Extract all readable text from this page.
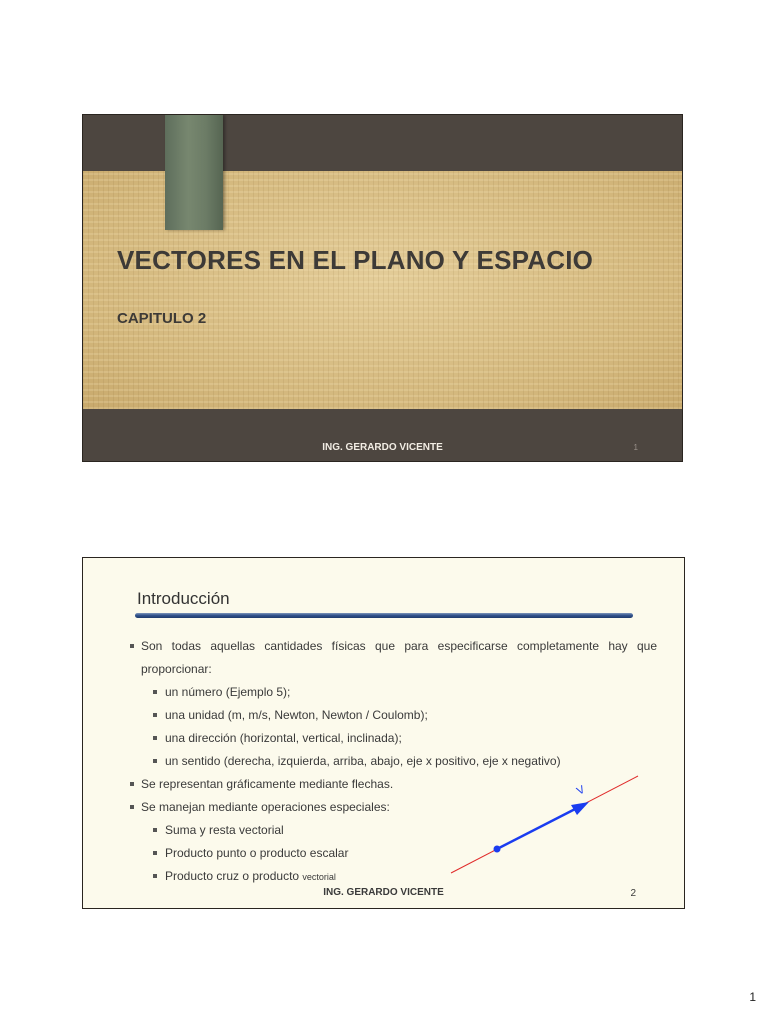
VECTORES EN EL PLANO Y ESPACIO
CAPITULO 2
ING. GERARDO VICENTE	1
Introducción
Son todas aquellas cantidades físicas que para especificarse completamente hay que
proporcionar:
un número (Ejemplo 5);
una unidad (m, m/s, Newton, Newton / Coulomb);
una dirección (horizontal, vertical, inclinada);
un sentido (derecha, izquierda, arriba, abajo, eje x positivo, eje x negativo)
Se representan gráficamente mediante flechas.
Se manejan mediante operaciones especiales:
Suma y resta vectorial
Producto punto o producto escalar
Producto cruz o producto vectorial
V
ING. GERARDO VICENTE	2
1
